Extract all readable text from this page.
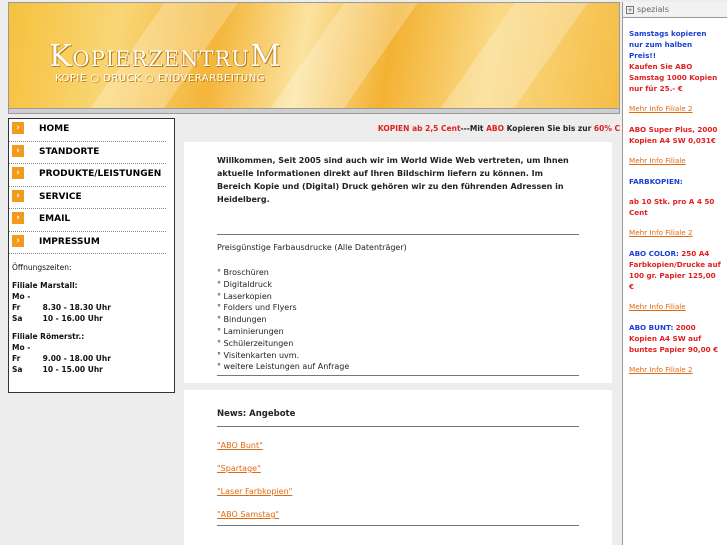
KopierzentruM
KOPIE ○ DRUCK ○ ENDVERARBEITUNG
›	HOME
›	STANDORTE
›	PRODUKTE/LEISTUNGEN
›	SERVICE
›	EMAIL
›	IMPRESSUM
Öffnungszeiten:
Filiale Marstall:
Mo - Fr	8.30 - 18.30 Uhr
Sa	10 - 16.00 Uhr
Filiale Römerstr.:
Mo - Fr	9.00 - 18.00 Uhr
Sa	10 - 15.00 Uhr
KOPIEN ab 2,5 Cent---Mit ABO Kopieren Sie bis zur 60% C
Willkommen, Seit 2005 sind auch wir im World Wide Web vertreten, um Ihnen aktuelle Informationen direkt auf Ihren Bildschirm liefern zu können. Im Bereich Kopie und (Digital) Druck gehören wir zu den führenden Adressen in Heidelberg.
Preisgünstige Farbausdrucke (Alle Datenträger)
° Broschüren
° Digitaldruck
° Laserkopien
° Folders und Flyers
° Bindungen
° Laminierungen
° Schülerzeitungen
° Visitenkarten uvm.
° weitere Leistungen auf Anfrage
News: Angebote
"ABO Bunt"
"Spartage"
"Laser Farbkopien"
"ABO Samstag"
+ spezials
Samstags kopieren nur zum halben Preis!!
Kaufen Sie ABO Samstag 1000 Kopien nur für 25.- €
Mehr Info Filiale 2
ABO Super Plus, 2000 Kopien A4 SW 0,031€
Mehr Info Filiale
FARBKOPIEN:
ab 10 Stk. pro A 4 50 Cent
Mehr Info Filiale 2
ABO COLOR: 250 A4 Farbkopien/Drucke auf 100 gr. Papier 125,00 €
Mehr Info Filiale
ABO BUNT: 2000 Kopien A4 SW auf buntes Papier 90,00 €
Mehr Info Filiale 2
